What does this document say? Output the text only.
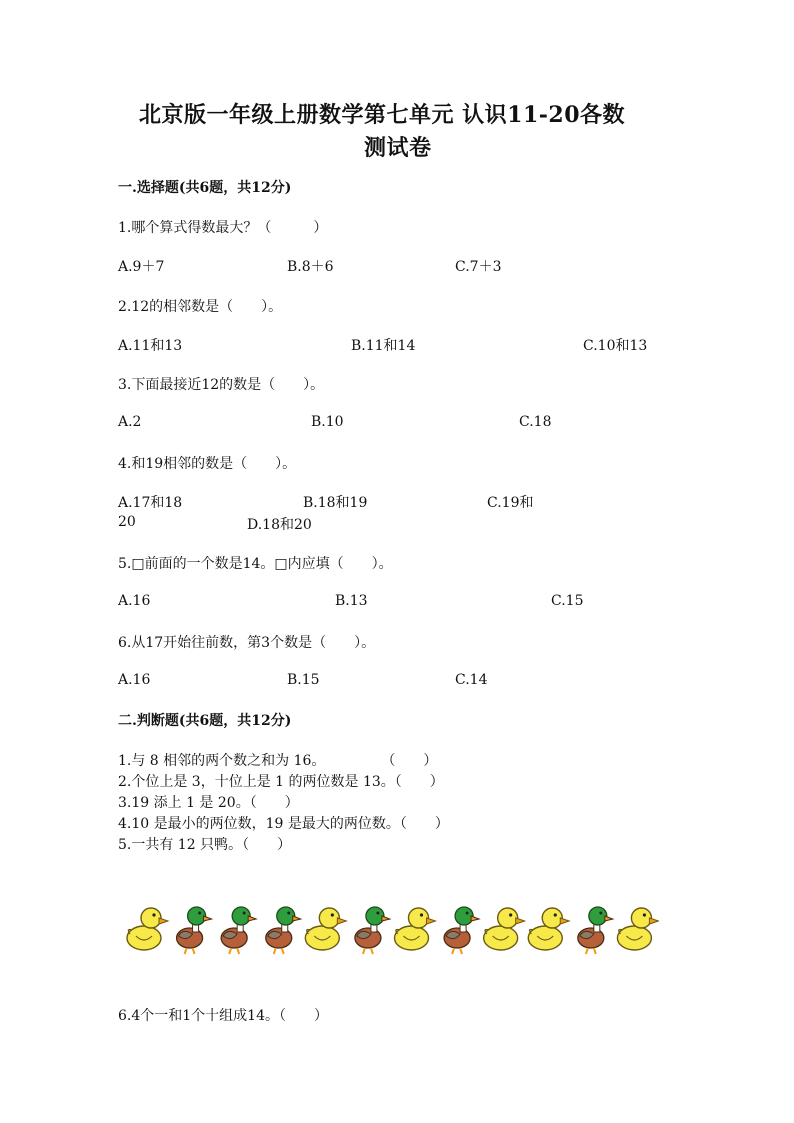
北京版一年级上册数学第七单元 认识11-20各数
测试卷
一.选择题(共6题，共12分)
1.哪个算式得数最大？（　　　）
A.9＋7	B.8＋6	C.7＋3
2.12的相邻数是（　　）。
A.11和13	B.11和14	C.10和13
3.下面最接近12的数是（　　）。
A.2	B.10	C.18
4.和19相邻的数是（　　）。
A.17和18	B.18和19	C.19和
20	D.18和20
5.□前面的一个数是14。□内应填（　　）。
A.16	B.13	C.15
6.从17开始往前数，第3个数是（　　）。
A.16	B.15	C.14
二.判断题(共6题，共12分)
1.与 8 相邻的两个数之和为 16。　　　　　（　　）
2.个位上是 3，十位上是 1 的两位数是 13。（　　）
3.19 添上 1 是 20。（　　）
4.10 是最小的两位数，19 是最大的两位数。（　　）
5.一共有 12 只鸭。（　　）
6.4个一和1个十组成14。（　　）
